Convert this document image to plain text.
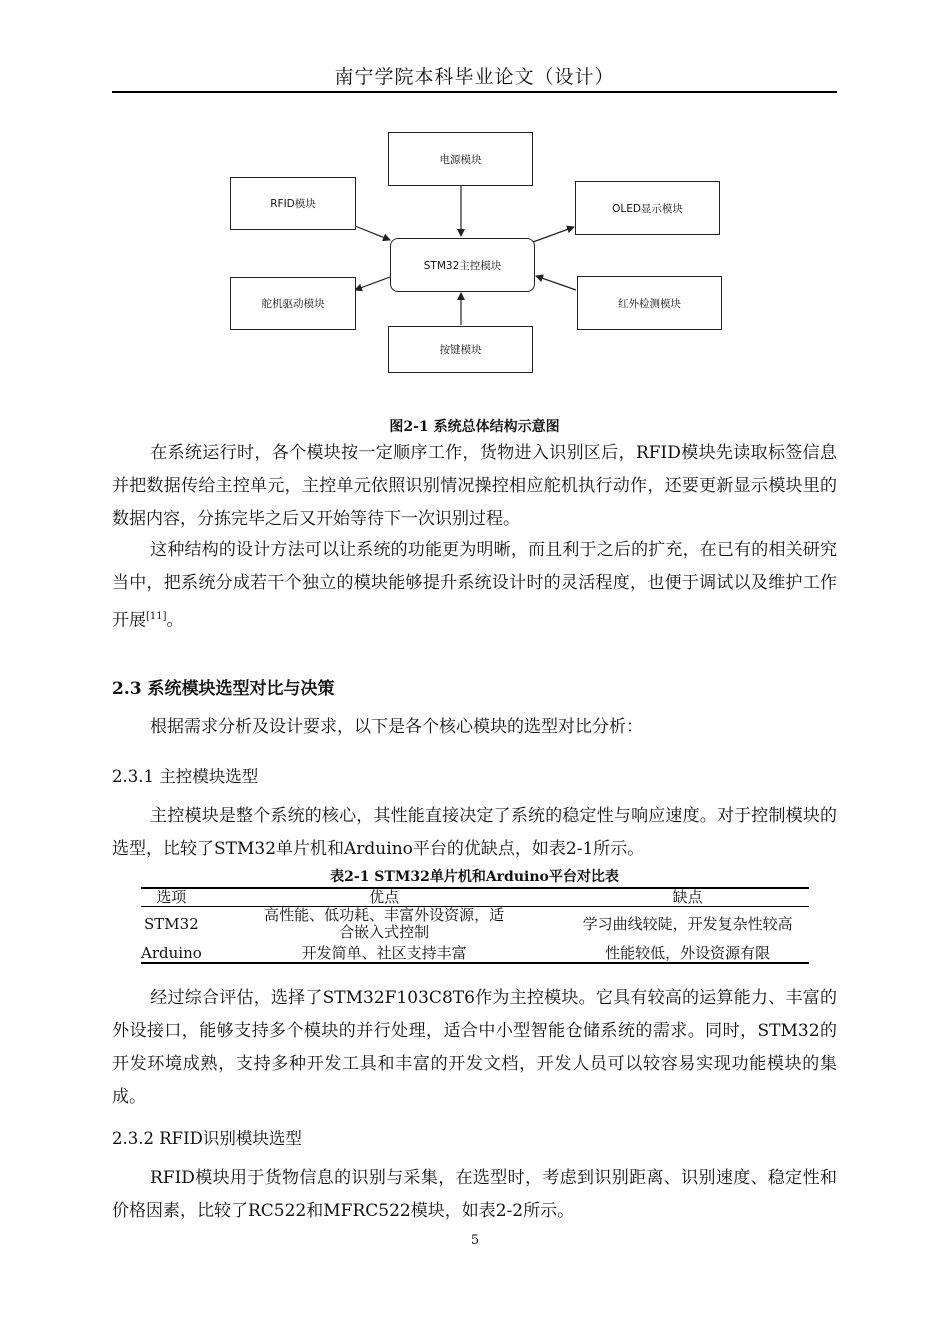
南宁学院本科毕业论文（设计）
电源模块
RFID模块	OLED显示模块
STM32主控模块
舵机驱动模块	红外检测模块
按键模块
图2-1 系统总体结构示意图
在系统运行时，各个模块按一定顺序工作，货物进入识别区后，RFID模块先读取标签信息并把数据传给主控单元，主控单元依照识别情况操控相应舵机执行动作，还要更新显示模块里的数据内容，分拣完毕之后又开始等待下一次识别过程。
这种结构的设计方法可以让系统的功能更为明晰，而且利于之后的扩充，在已有的相关研究当中，把系统分成若干个独立的模块能够提升系统设计时的灵活程度，也便于调试以及维护工作开展[11]。
2.3 系统模块选型对比与决策
根据需求分析及设计要求，以下是各个核心模块的选型对比分析：
2.3.1 主控模块选型
主控模块是整个系统的核心，其性能直接决定了系统的稳定性与响应速度。对于控制模块的选型，比较了STM32单片机和Arduino平台的优缺点，如表2-1所示。
表2-1 STM32单片机和Arduino平台对比表
选项	优点	缺点
STM32	高性能、低功耗、丰富外设资源，适合嵌入式控制	学习曲线较陡，开发复杂性较高
Arduino	开发简单、社区支持丰富	性能较低，外设资源有限
经过综合评估，选择了STM32F103C8T6作为主控模块。它具有较高的运算能力、丰富的外设接口，能够支持多个模块的并行处理，适合中小型智能仓储系统的需求。同时，STM32的开发环境成熟，支持多种开发工具和丰富的开发文档，开发人员可以较容易实现功能模块的集成。
2.3.2 RFID识别模块选型
RFID模块用于货物信息的识别与采集，在选型时，考虑到识别距离、识别速度、稳定性和价格因素，比较了RC522和MFRC522模块，如表2-2所示。
5
